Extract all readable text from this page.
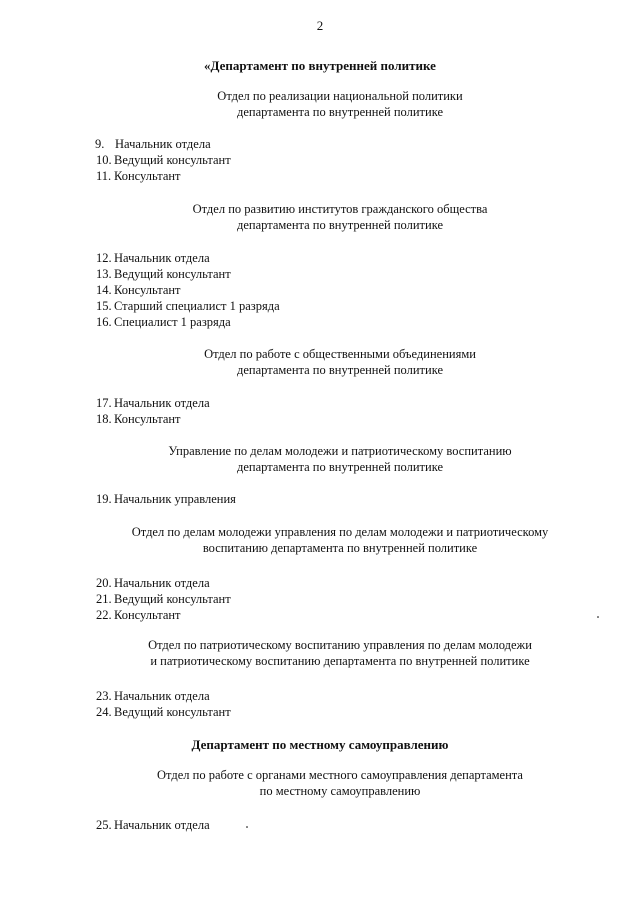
2
«Департамент по внутренней политике
Отдел по реализации национальной политики
департамента по внутренней политике
9. Начальник отдела
10. Ведущий консультант
11. Консультант
Отдел по развитию институтов гражданского общества
департамента по внутренней политике
12. Начальник отдела
13. Ведущий консультант
14. Консультант
15. Старший специалист 1 разряда
16. Специалист 1 разряда
Отдел по работе с общественными объединениями
департамента по внутренней политике
17. Начальник отдела
18. Консультант
Управление по делам молодежи и патриотическому воспитанию
департамента по внутренней политике
19. Начальник управления
Отдел по делам молодежи управления по делам молодежи и патриотическому
воспитанию департамента по внутренней политике
20. Начальник отдела
21. Ведущий консультант
22. Консультант
Отдел по патриотическому воспитанию управления по делам молодежи
и патриотическому воспитанию департамента по внутренней политике
23. Начальник отдела
24. Ведущий консультант
Департамент по местному самоуправлению
Отдел по работе с органами местного самоуправления департамента
по местному самоуправлению
25. Начальник отдела
